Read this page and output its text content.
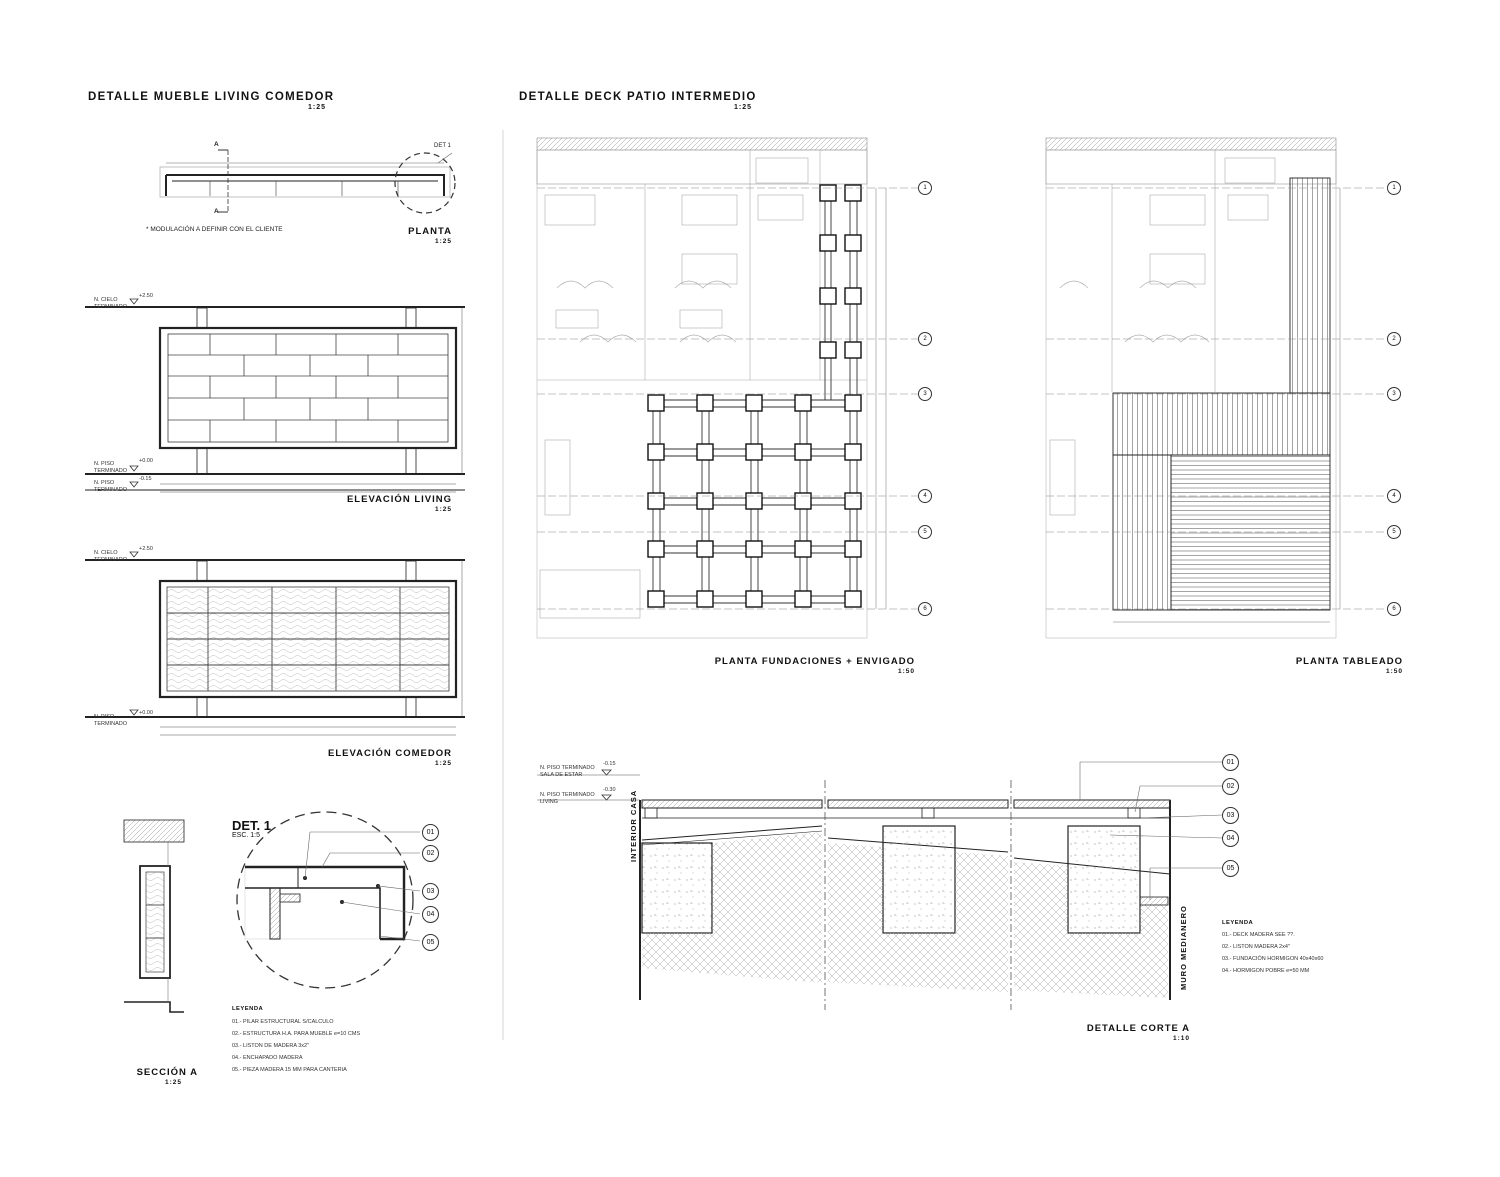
DETALLE MUEBLE LIVING COMEDOR
1:25
* MODULACIÓN A DEFINIR CON EL CLIENTE
A
A
DET 1
PLANTA
1:25
N. CIELO TERMINADO
+2.50
N. PISO TERMINADO
+0.00
N. PISO TERMINADO
-0.15
ELEVACIÓN LIVING
1:25
N. CIELO TERMINADO
+2.50
N. PISO TERMINADO
+0.00
ELEVACIÓN COMEDOR
1:25
SECCIÓN A
1:25
DET. 1
ESC. 1:5	01
02
03
04
05
LEYENDA
01.- PILAR ESTRUCTURAL S/CALCULO
02.- ESTRUCTURA H.A. PARA MUEBLE e=10 CMS
03.- LISTON DE MADERA 3x2"
04.- ENCHAPADO MADERA
05.- PIEZA MADERA 15 MM PARA CANTERIA
DETALLE DECK PATIO INTERMEDIO
1:25
1
2
3
4
5
6
PLANTA FUNDACIONES + ENVIGADO
1:50
1
2
3
4
5
6
PLANTA TABLEADO
1:50
N. PISO TERMINADO SALA DE ESTAR
-0.15
N. PISO TERMINADO LIVING
-0.30 INTERIOR CASA
MURO MEDIANERO
01
02
03
04
05
LEYENDA
01.- DECK MADERA SEE ??.
02.- LISTON MADERA 2x4"
03.- FUNDACIÓN HORMIGON 40x40x60
04.- HORMIGON POBRE e=50 MM
DETALLE CORTE A
1:10
